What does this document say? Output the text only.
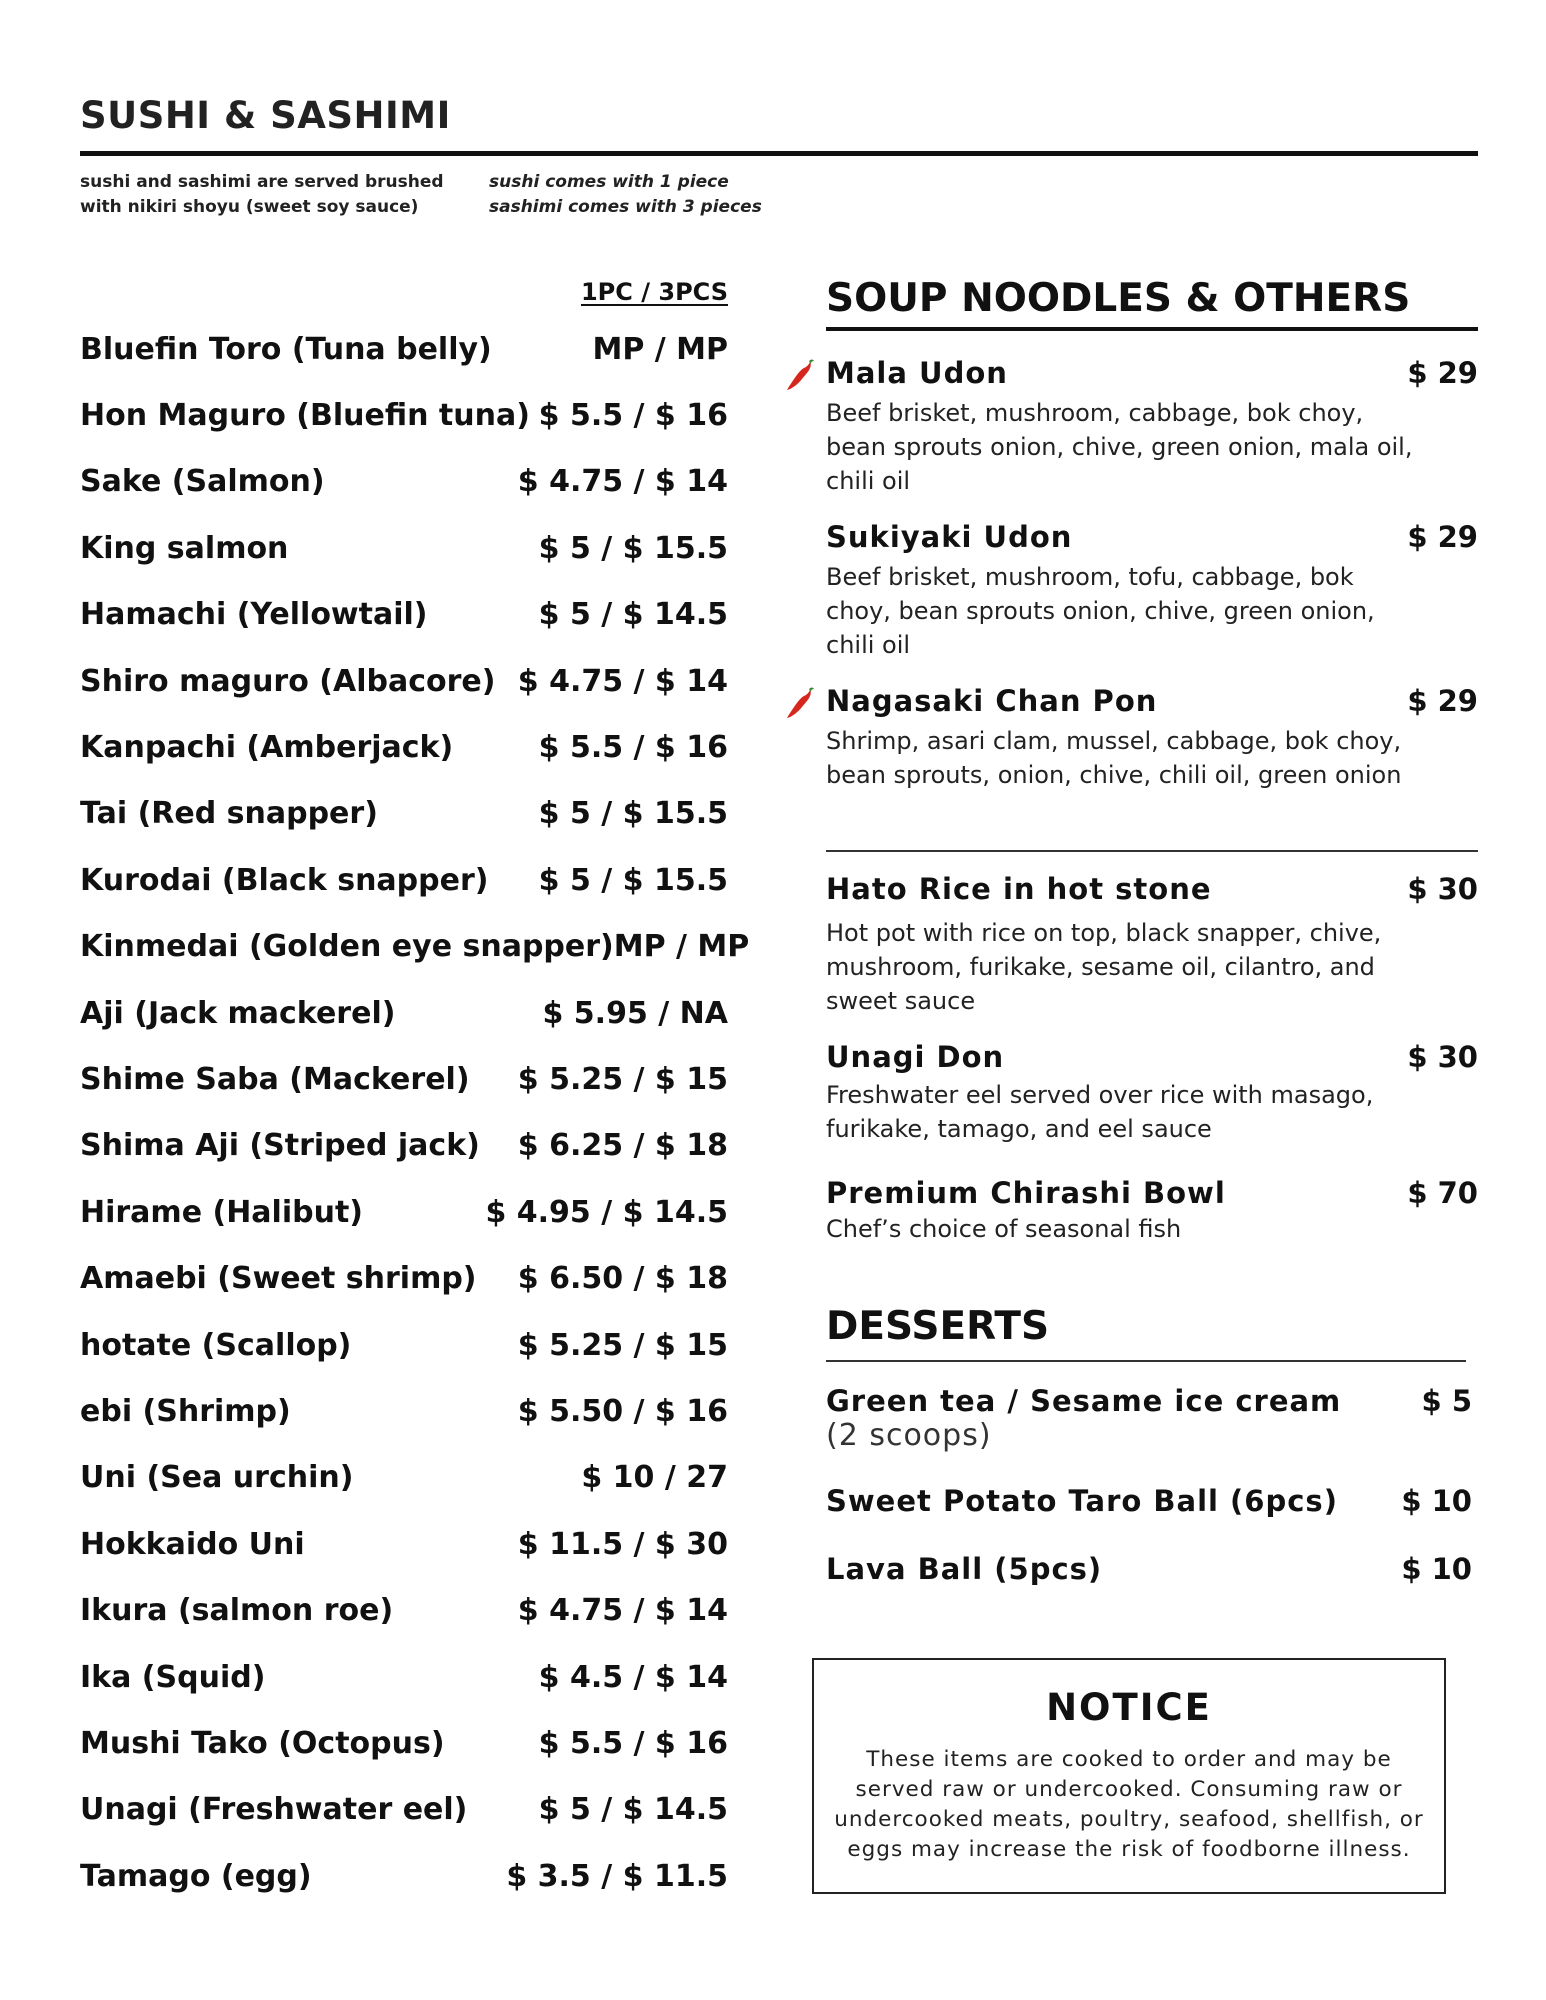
SUSHI & SASHIMI
sushi and sashimi are served brushed
with nikiri shoyu (sweet soy sauce)
sushi comes with 1 piece
sashimi comes with 3 pieces
1PC / 3PCS
Bluefin Toro (Tuna belly)	MP / MP
Hon Maguro (Bluefin tuna) $ 5.5 / $ 16
Sake (Salmon)	$ 4.75 / $ 14
King salmon	$ 5 / $ 15.5
Hamachi (Yellowtail)	$ 5 / $ 14.5
Shiro maguro (Albacore) $ 4.75 / $ 14
Kanpachi (Amberjack)	$ 5.5 / $ 16
Tai (Red snapper)	$ 5 / $ 15.5
Kurodai (Black snapper) $ 5 / $ 15.5
Kinmedai (Golden eye snapper) MP / MP
Aji (Jack mackerel)	$ 5.95 / NA
Shime Saba (Mackerel) $ 5.25 / $ 15
Shima Aji (Striped jack) $ 6.25 / $ 18
Hirame (Halibut)	$ 4.95 / $ 14.5
Amaebi (Sweet shrimp) $ 6.50 / $ 18
hotate (Scallop)	$ 5.25 / $ 15
ebi (Shrimp)	$ 5.50 / $ 16
Uni (Sea urchin)	$ 10 / 27
Hokkaido Uni	$ 11.5 / $ 30
Ikura (salmon roe)	$ 4.75 / $ 14
Ika (Squid)	$ 4.5 / $ 14
Mushi Tako (Octopus)	$ 5.5 / $ 16
Unagi (Freshwater eel) $ 5 / $ 14.5
Tamago (egg)	$ 3.5 / $ 11.5
SOUP NOODLES & OTHERS
Mala Udon	$ 29
Beef brisket, mushroom, cabbage, bok choy, bean sprouts onion, chive, green onion, mala oil, chili oil
Sukiyaki Udon	$ 29
Beef brisket, mushroom, tofu, cabbage, bok choy, bean sprouts onion, chive, green onion, chili oil
Nagasaki Chan Pon	$ 29
Shrimp, asari clam, mussel, cabbage, bok choy, bean sprouts, onion, chive, chili oil, green onion
Hato Rice in hot stone	$ 30
Hot pot with rice on top, black snapper, chive, mushroom, furikake, sesame oil, cilantro, and sweet sauce
Unagi Don	$ 30
Freshwater eel served over rice with masago, furikake, tamago, and eel sauce
Premium Chirashi Bowl	$ 70
Chef’s choice of seasonal fish
DESSERTS
Green tea / Sesame ice cream	$ 5
(2 scoops)
Sweet Potato Taro Ball (6pcs) $ 10
Lava Ball (5pcs)	$ 10
NOTICE
These items are cooked to order and may be served raw or undercooked. Consuming raw or undercooked meats, poultry, seafood, shellfish, or eggs may increase the risk of foodborne illness.
